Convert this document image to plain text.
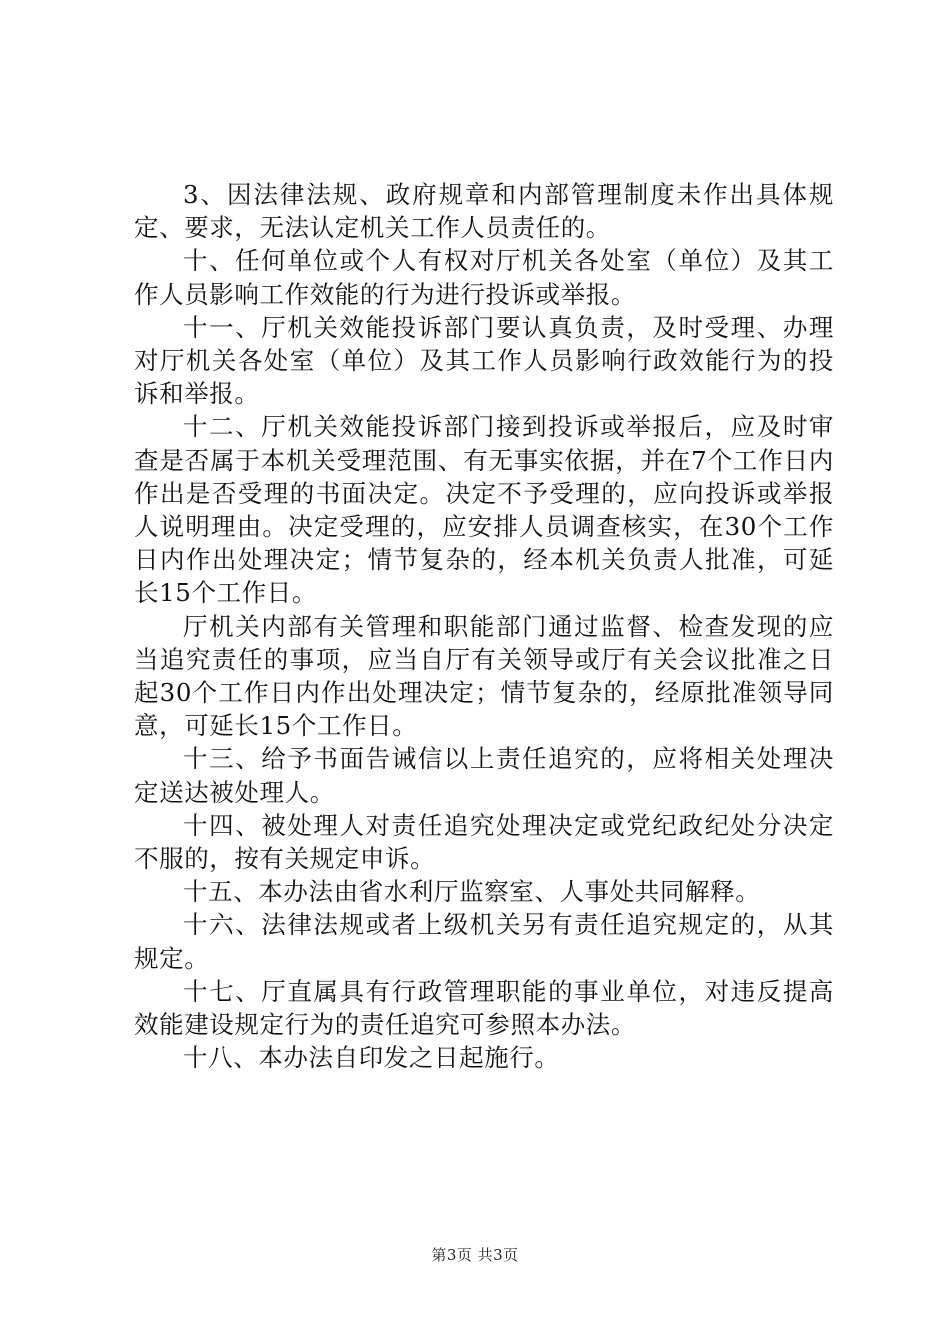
3、因法律法规、政府规章和内部管理制度未作出具体规定、要求，无法认定机关工作人员责任的。

十、任何单位或个人有权对厅机关各处室（单位）及其工作人员影响工作效能的行为进行投诉或举报。

十一、厅机关效能投诉部门要认真负责，及时受理、办理对厅机关各处室（单位）及其工作人员影响行政效能行为的投诉和举报。

十二、厅机关效能投诉部门接到投诉或举报后，应及时审查是否属于本机关受理范围、有无事实依据，并在7个工作日内作出是否受理的书面决定。决定不予受理的，应向投诉或举报人说明理由。决定受理的，应安排人员调查核实，在30个工作日内作出处理决定；情节复杂的，经本机关负责人批准，可延长15个工作日。

厅机关内部有关管理和职能部门通过监督、检查发现的应当追究责任的事项，应当自厅有关领导或厅有关会议批准之日起30个工作日内作出处理决定；情节复杂的，经原批准领导同意，可延长15个工作日。

十三、给予书面告诫信以上责任追究的，应将相关处理决定送达被处理人。

十四、被处理人对责任追究处理决定或党纪政纪处分决定不服的，按有关规定申诉。

十五、本办法由省水利厅监察室、人事处共同解释。

十六、法律法规或者上级机关另有责任追究规定的，从其规定。

十七、厅直属具有行政管理职能的事业单位，对违反提高效能建设规定行为的责任追究可参照本办法。

十八、本办法自印发之日起施行。

第3页 共3页
